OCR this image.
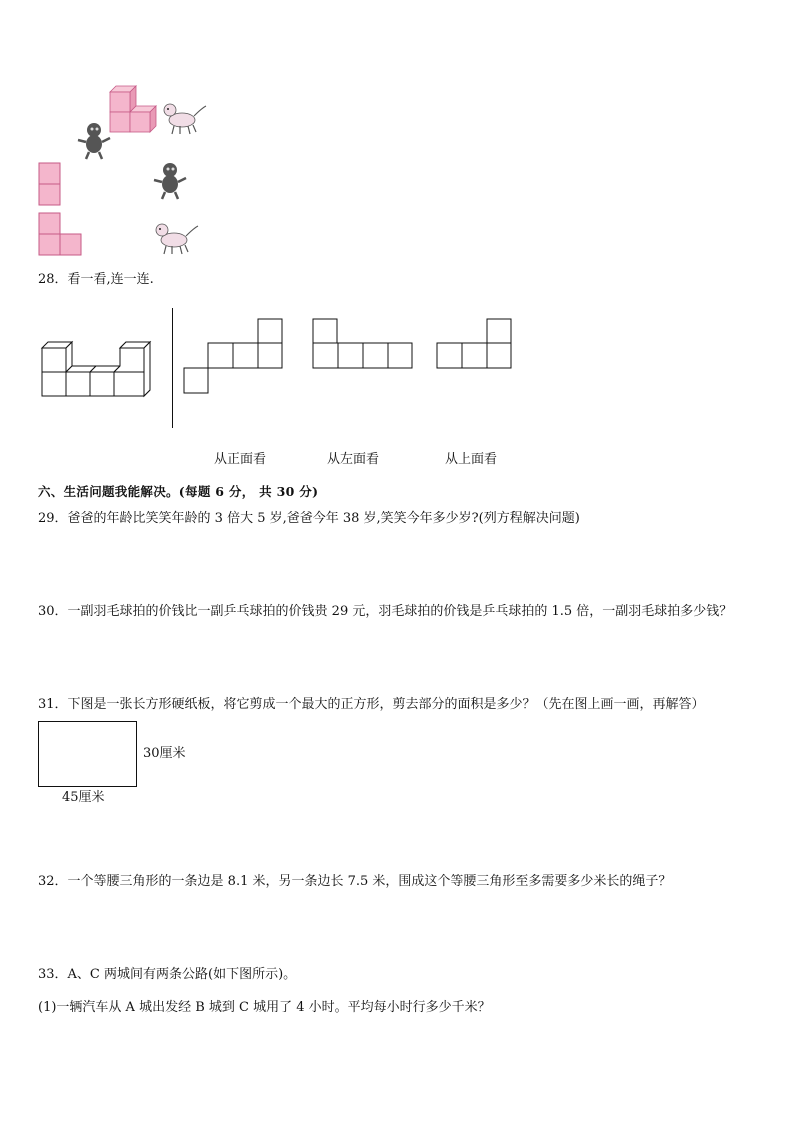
28．看一看,连一连.
从正面看	从左面看	从上面看
六、生活问题我能解决。(每题 6 分， 共 30 分)
29．爸爸的年龄比笑笑年龄的 3 倍大 5 岁,爸爸今年 38 岁,笑笑今年多少岁?(列方程解决问题)
30．一副羽毛球拍的价钱比一副乒乓球拍的价钱贵 29 元，羽毛球拍的价钱是乒乓球拍的 1.5 倍，一副羽毛球拍多少钱？
31．下图是一张长方形硬纸板，将它剪成一个最大的正方形，剪去部分的面积是多少？（先在图上画一画，再解答）
30厘米
45厘米
32．一个等腰三角形的一条边是 8.1 米，另一条边长 7.5 米，围成这个等腰三角形至多需要多少米长的绳子？
33．A、C 两城间有两条公路(如下图所示)。
(1)一辆汽车从 A 城出发经 B 城到 C 城用了 4 小时。平均每小时行多少千米？
